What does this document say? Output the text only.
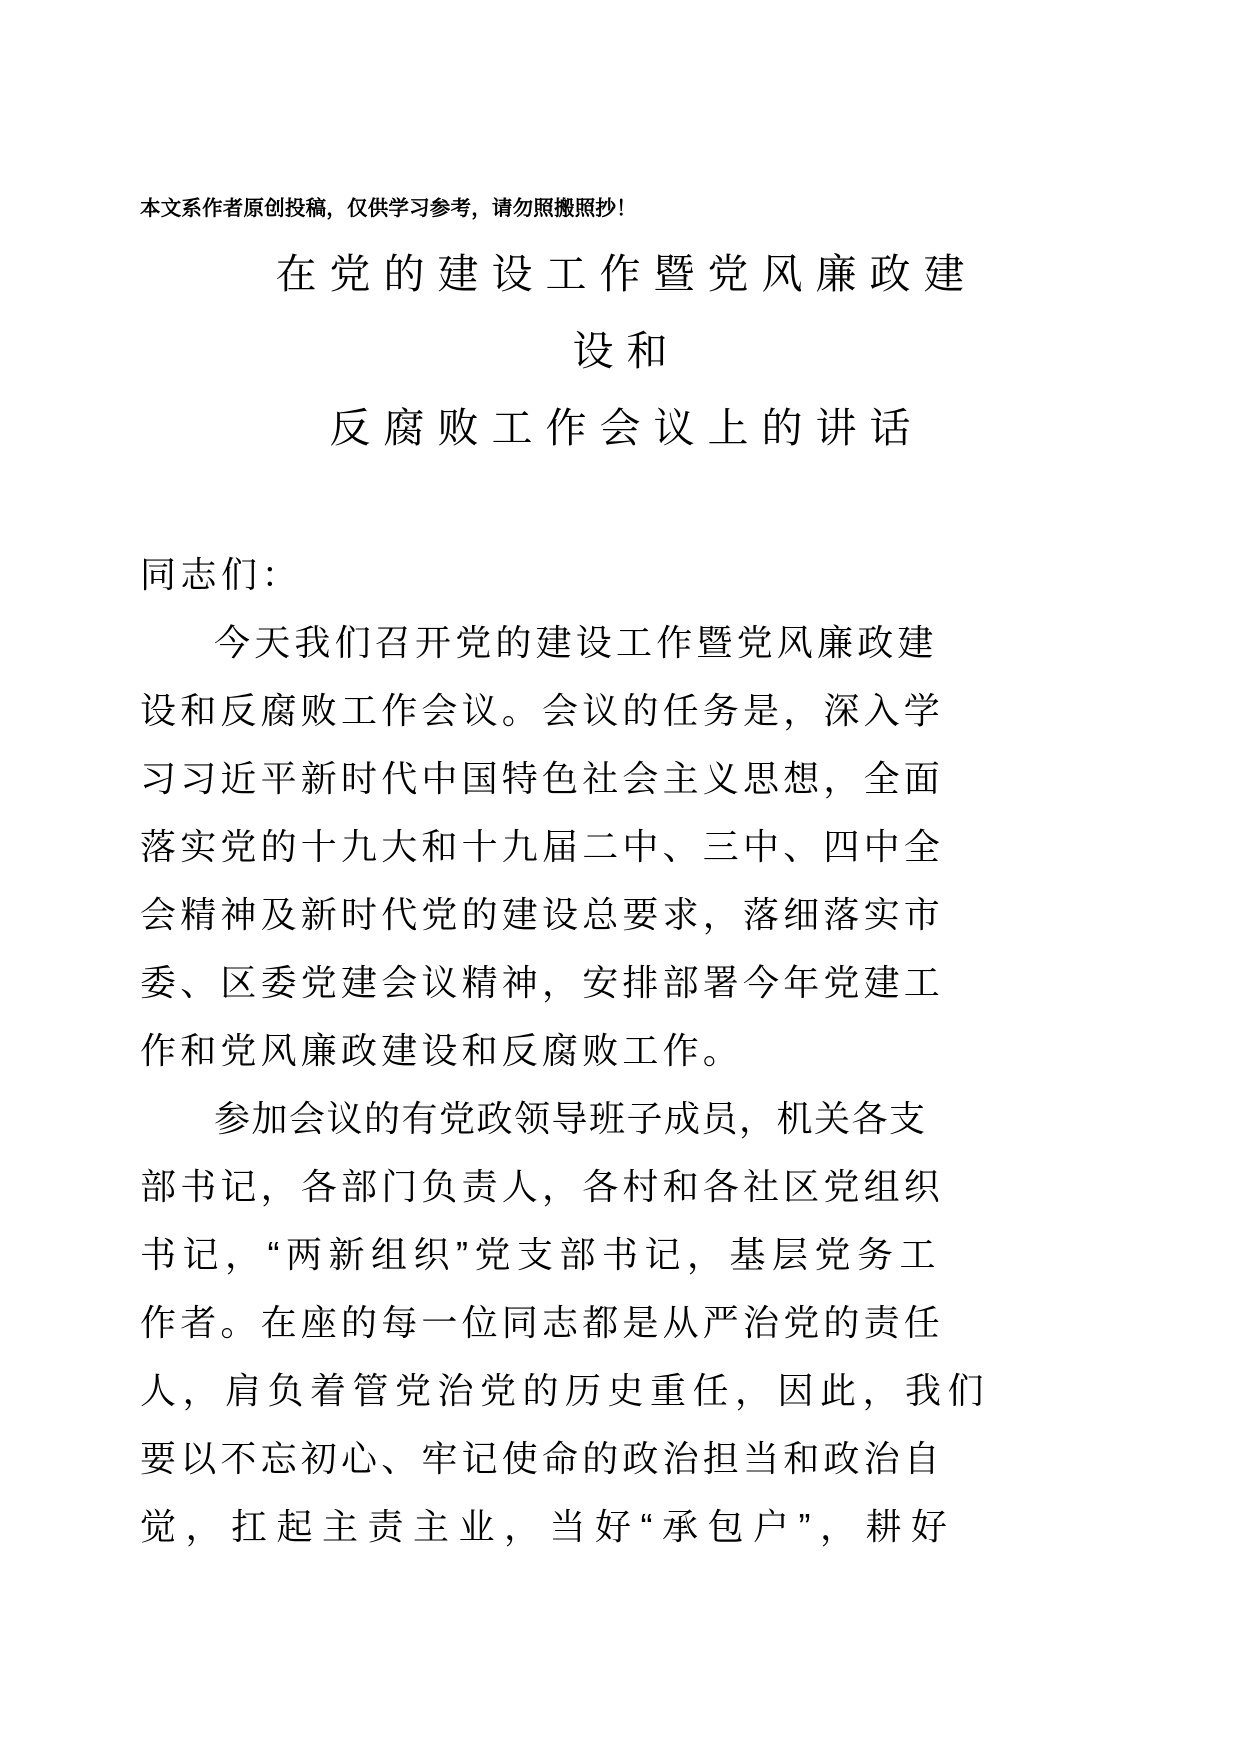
本文系作者原创投稿，仅供学习参考，请勿照搬照抄！
在党的建设工作暨党风廉政建
设和
反腐败工作会议上的讲话

同志们：

今天我们召开党的建设工作暨党风廉政建
设和反腐败工作会议。会议的任务是，深入学
习习近平新时代中国特色社会主义思想，全面
落实党的十九大和十九届二中、三中、四中全
会精神及新时代党的建设总要求，落细落实市
委、区委党建会议精神，安排部署今年党建工
作和党风廉政建设和反腐败工作。

参加会议的有党政领导班子成员，机关各支
部书记，各部门负责人，各村和各社区党组织
书记，“两新组织”党支部书记，基层党务工
作者。在座的每一位同志都是从严治党的责任
人，肩负着管党治党的历史重任，因此，我们
要以不忘初心、牢记使命的政治担当和政治自
觉，扛起主责主业，当好“承包户”，耕好
